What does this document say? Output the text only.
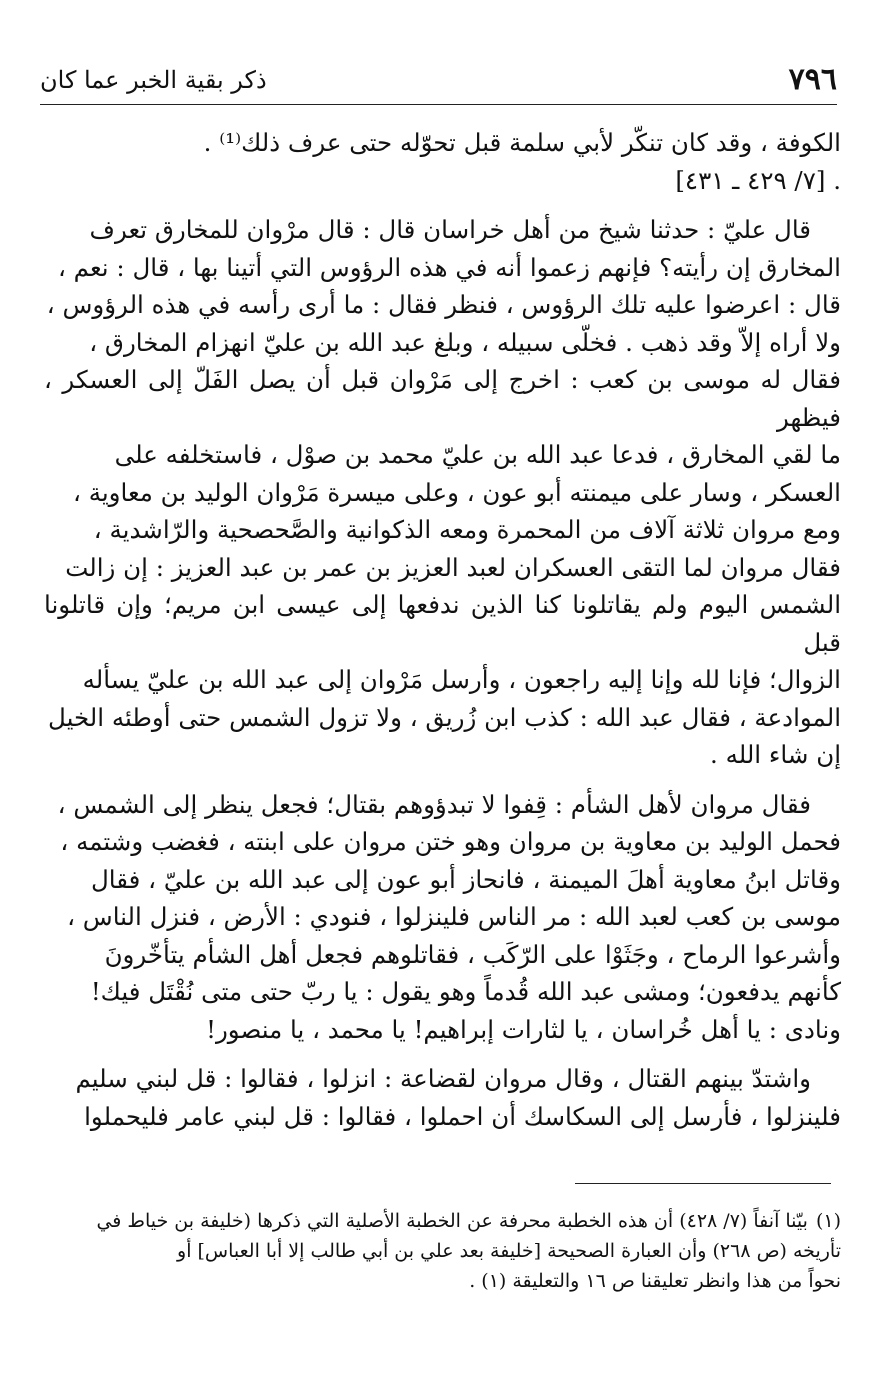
٧٩٦
ذكر بقية الخبر عما كان

الكوفة ، وقد كان تنكّر لأبي سلمة قبل تحوّله حتى عرف ذلك⁽¹⁾ .

. [٧/ ٤٢٩ ـ ٤٣١]

قال عليّ : حدثنا شيخ من أهل خراسان قال : قال مرْوان للمخارق تعرف

المخارق إن رأيته؟ فإنهم زعموا أنه في هذه الرؤوس التي أتينا بها ، قال : نعم ،

قال : اعرضوا عليه تلك الرؤوس ، فنظر فقال : ما أرى رأسه في هذه الرؤوس ،

ولا أراه إلاّ وقد ذهب . فخلّى سبيله ، وبلغ عبد الله بن عليّ انهزام المخارق ،

فقال له موسى بن كعب : اخرج إلى مَرْوان قبل أن يصل الفَلّ إلى العسكر ، فيظهر

ما لقي المخارق ، فدعا عبد الله بن عليّ محمد بن صوْل ، فاستخلفه على

العسكر ، وسار على ميمنته أبو عون ، وعلى ميسرة مَرْوان الوليد بن معاوية ،

ومع مروان ثلاثة آلاف من المحمرة ومعه الذكوانية والصَّحصحية والرّاشدية ،

فقال مروان لما التقى العسكران لعبد العزيز بن عمر بن عبد العزيز : إن زالت

الشمس اليوم ولم يقاتلونا كنا الذين ندفعها إلى عيسى ابن مريم؛ وإن قاتلونا قبل

الزوال؛ فإنا لله وإنا إليه راجعون ، وأرسل مَرْوان إلى عبد الله بن عليّ يسأله

الموادعة ، فقال عبد الله : كذب ابن زُريق ، ولا تزول الشمس حتى أوطئه الخيل

إن شاء الله .

فقال مروان لأهل الشأم : قِفوا لا تبدؤوهم بقتال؛ فجعل ينظر إلى الشمس ،

فحمل الوليد بن معاوية بن مروان وهو ختن مروان على ابنته ، فغضب وشتمه ،

وقاتل ابنُ معاوية أهلَ الميمنة ، فانحاز أبو عون إلى عبد الله بن عليّ ، فقال

موسى بن كعب لعبد الله : مر الناس فلينزلوا ، فنودي : الأرض ، فنزل الناس ،

وأشرعوا الرماح ، وجَثَوْا على الرّكَب ، فقاتلوهم فجعل أهل الشأم يتأخّرونَ

كأنهم يدفعون؛ ومشى عبد الله قُدماً وهو يقول : يا ربّ حتى متى نُقْتَل فيك!

ونادى : يا أهل خُراسان ، يا لثارات إبراهيم! يا محمد ، يا منصور!

واشتدّ بينهم القتال ، وقال مروان لقضاعة : انزلوا ، فقالوا : قل لبني سليم

فلينزلوا ، فأرسل إلى السكاسك أن احملوا ، فقالوا : قل لبني عامر فليحملوا

(١)بيّنا آنفاً (٧/ ٤٢٨) أن هذه الخطبة محرفة عن الخطبة الأصلية التي ذكرها (خليفة بن خياط في

تأريخه (ص ٢٦٨) وأن العبارة الصحيحة [خليفة بعد علي بن أبي طالب إلا أبا العباس] أو

نحواً من هذا وانظر تعليقنا ص ١٦ والتعليقة (١) .
